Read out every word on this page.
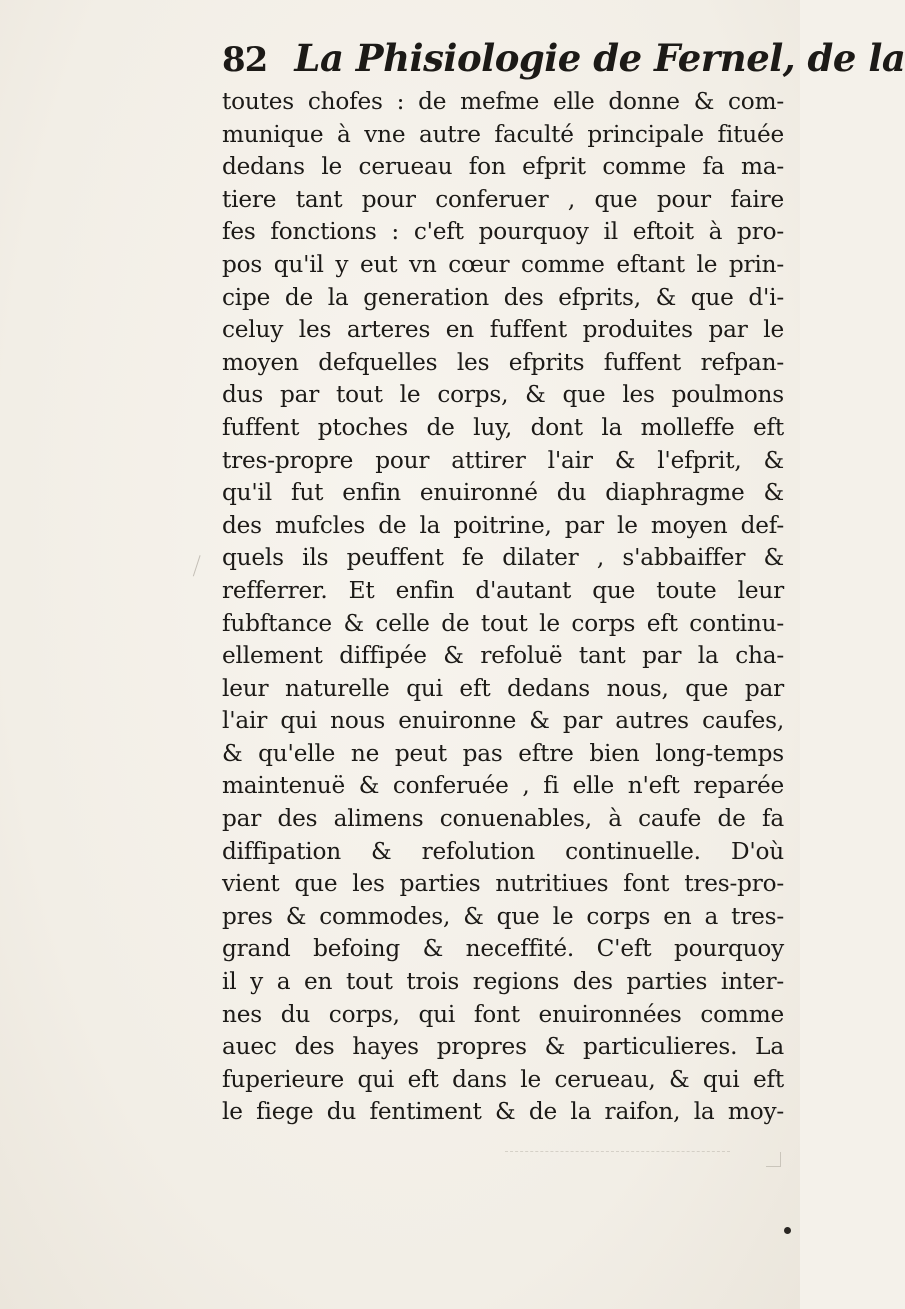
82 La Phisiologie de Fernel, de la
toutes chofes : de mefme elle donne & com-
munique à vne autre faculté principale fituée
dedans le cerueau fon efprit comme fa ma-
tiere tant pour conferuer , que pour faire
fes fonctions : c'eft pourquoy il eftoit à pro-
pos qu'il y eut vn cœur comme eftant le prin-
cipe de la generation des efprits, & que d'i-
celuy les arteres en fuffent produites par le
moyen defquelles les efprits fuffent refpan-
dus par tout le corps, & que les poulmons
fuffent ptoches de luy, dont la molleffe eft
tres-propre pour attirer l'air & l'efprit, &
qu'il fut enfin enuironné du diaphragme &
des mufcles de la poitrine, par le moyen def-
quels ils peuffent fe dilater , s'abbaiffer &
refferrer. Et enfin d'autant que toute leur
fubftance & celle de tout le corps eft continu-
ellement diffipée & refoluë tant par la cha-
leur naturelle qui eft dedans nous, que par
l'air qui nous enuironne & par autres caufes,
& qu'elle ne peut pas eftre bien long-temps
maintenuë & conferuée , fi elle n'eft reparée
par des alimens conuenables, à caufe de fa
diffipation & refolution continuelle. D'où
vient que les parties nutritiues font tres-pro-
pres & commodes, & que le corps en a tres-
grand befoing & neceffité. C'eft pourquoy
il y a en tout trois regions des parties inter-
nes du corps, qui font enuironnées comme
auec des hayes propres & particulieres. La
fuperieure qui eft dans le cerueau, & qui eft
le fiege du fentiment & de la raifon, la moy-
